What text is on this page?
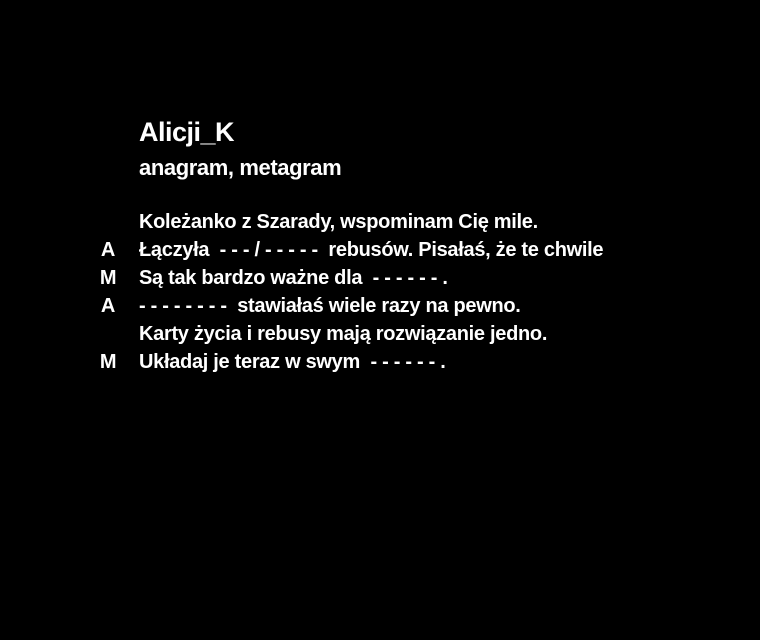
Alicji_K
anagram, metagram

Koleżanko z Szarady, wspominam Cię mile.

A

Łączyła  - - - / - - - - -  rebusów. Pisałaś, że te chwile

M

Są tak bardzo ważne dla  - - - - - - .

A

- - - - - - - -  stawiałaś wiele razy na pewno.

Karty życia i rebusy mają rozwiązanie jedno.

M

Układaj je teraz w swym  - - - - - - .
